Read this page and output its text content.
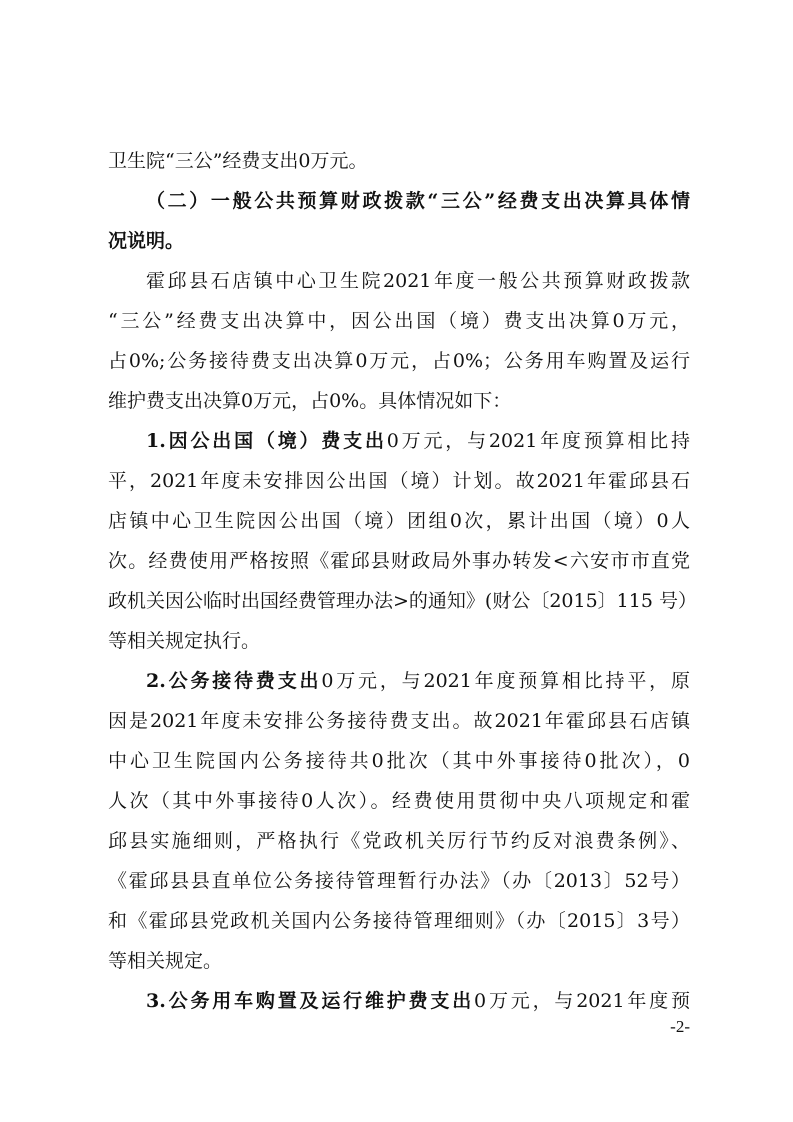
卫生院“三公”经费支出0万元。
（二）一般公共预算财政拨款“三公”经费支出决算具体情
况说明。
霍邱县石店镇中心卫生院2021年度一般公共预算财政拨款
“三公”经费支出决算中，因公出国（境）费支出决算0万元，
占0%;公务接待费支出决算0万元，占0%；公务用车购置及运行
维护费支出决算0万元，占0%。具体情况如下：
1.因公出国（境）费支出0万元，与2021年度预算相比持
平，2021年度未安排因公出国（境）计划。故2021年霍邱县石
店镇中心卫生院因公出国（境）团组0次，累计出国（境）0人
次。经费使用严格按照《霍邱县财政局外事办转发<六安市市直党
政机关因公临时出国经费管理办法>的通知》(财公〔2015〕115 号）
等相关规定执行。
2.公务接待费支出0万元，与2021年度预算相比持平，原
因是2021年度未安排公务接待费支出。故2021年霍邱县石店镇
中心卫生院国内公务接待共0批次（其中外事接待0批次），0
人次（其中外事接待0人次）。经费使用贯彻中央八项规定和霍
邱县实施细则，严格执行《党政机关厉行节约反对浪费条例》、
《霍邱县县直单位公务接待管理暂行办法》（办〔2013〕52号）
和《霍邱县党政机关国内公务接待管理细则》（办〔2015〕3号）
等相关规定。
3.公务用车购置及运行维护费支出0万元，与2021年度预
-2-
